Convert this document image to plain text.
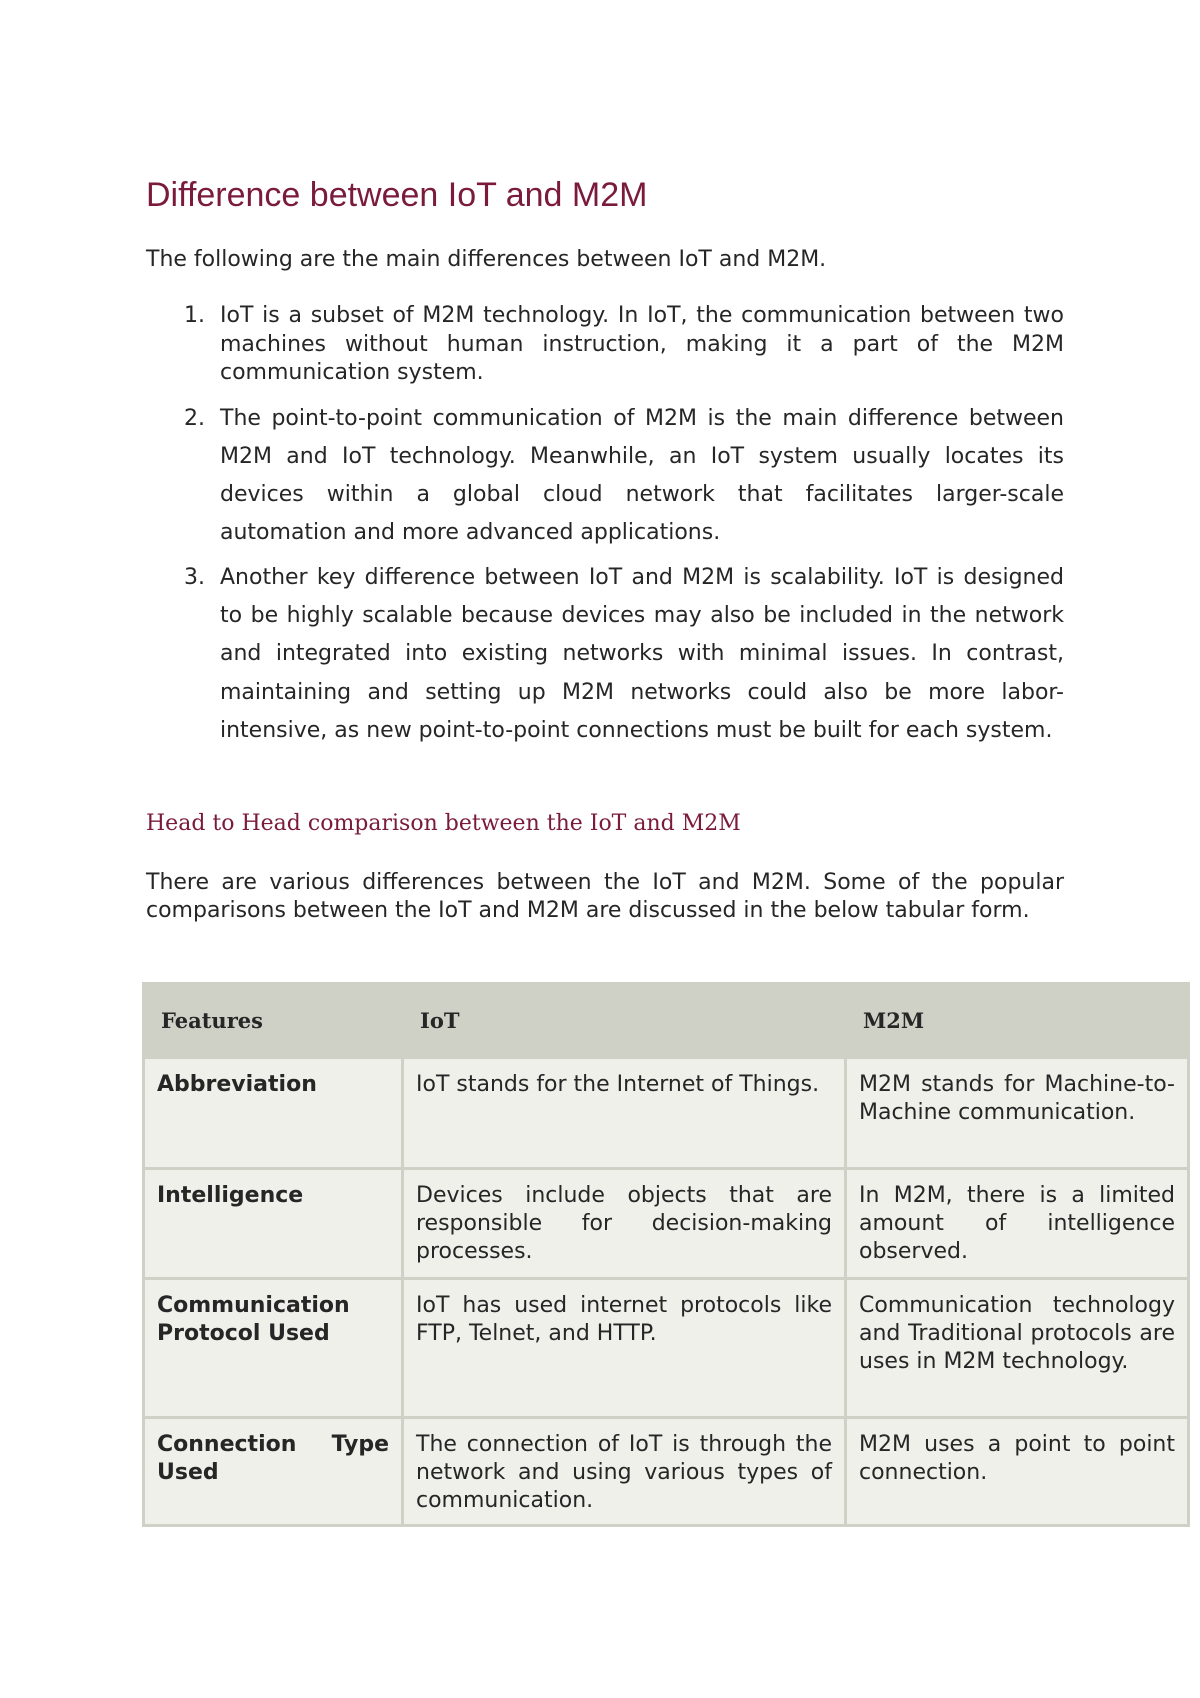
Difference between IoT and M2M

The following are the main differences between IoT and M2M.

1. IoT is a subset of M2M technology. In IoT, the communication between two machines without human instruction, making it a part of the M2M communication system.
2. The point-to-point communication of M2M is the main difference between M2M and IoT technology. Meanwhile, an IoT system usually locates its devices within a global cloud network that facilitates larger-scale automation and more advanced applications.
3. Another key difference between IoT and M2M is scalability. IoT is designed to be highly scalable because devices may also be included in the network and integrated into existing networks with minimal issues. In contrast, maintaining and setting up M2M networks could also be more labor-intensive, as new point-to-point connections must be built for each system.
Head to Head comparison between the IoT and M2M

There are various differences between the IoT and M2M. Some of the popular comparisons between the IoT and M2M are discussed in the below tabular form.

Features	IoT	M2M
Abbreviation	IoT stands for the Internet of Things.	M2M stands for Machine-to-Machine communication.
Intelligence	Devices include objects that are responsible for decision-making processes.	In M2M, there is a limited amount of intelligence observed.
Communication Protocol Used	IoT has used internet protocols like FTP, Telnet, and HTTP.	Communication technology and Traditional protocols are uses in M2M technology.
Connection Type Used	The connection of IoT is through the network and using various types of communication.	M2M uses a point to point connection.
